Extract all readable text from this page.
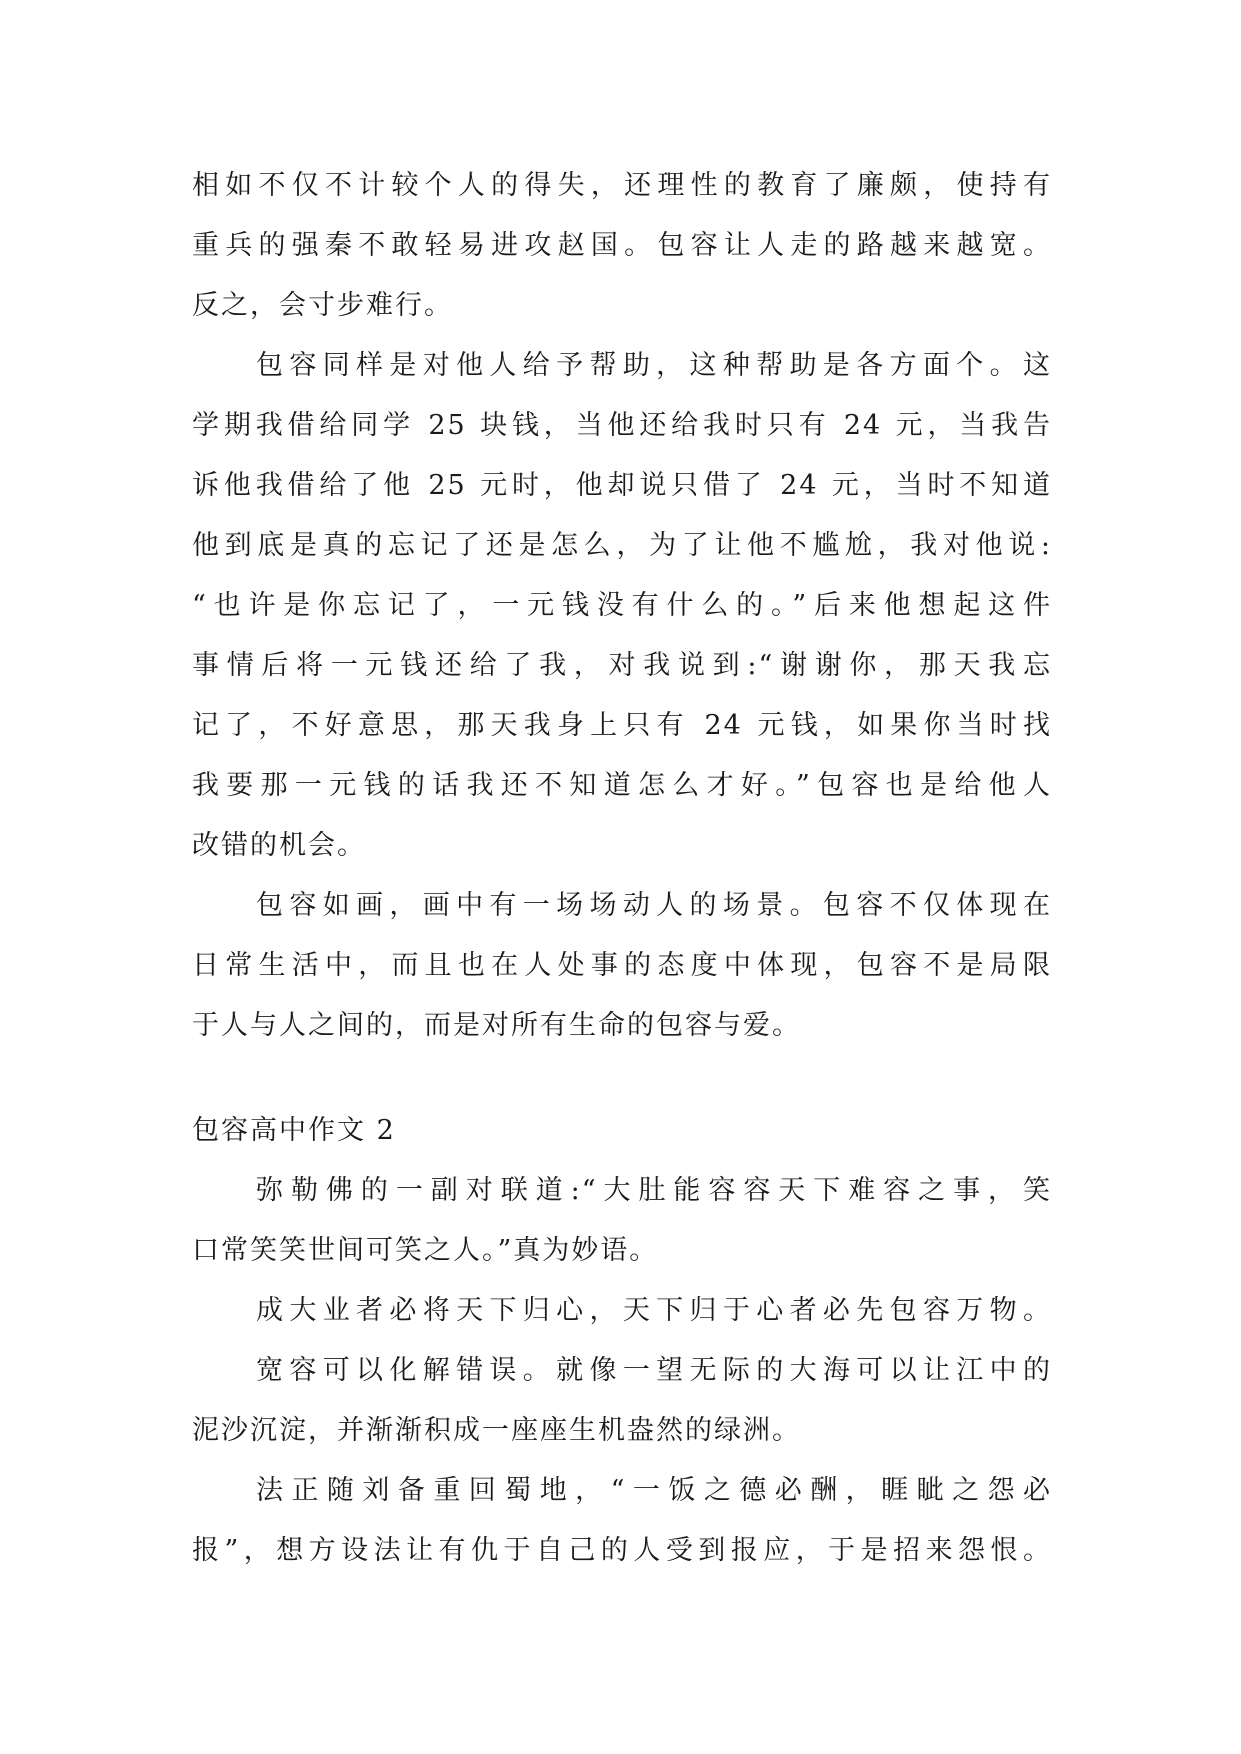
相如不仅不计较个人的得失，还理性的教育了廉颇，使持有
重兵的强秦不敢轻易进攻赵国。包容让人走的路越来越宽。
反之，会寸步难行。
包容同样是对他人给予帮助，这种帮助是各方面个。这
学期我借给同学 25 块钱，当他还给我时只有 24 元，当我告
诉他我借给了他 25 元时，他却说只借了 24 元，当时不知道
他到底是真的忘记了还是怎么，为了让他不尴尬，我对他说:
“也许是你忘记了，一元钱没有什么的。”后来他想起这件
事情后将一元钱还给了我，对我说到:“谢谢你，那天我忘
记了，不好意思，那天我身上只有 24 元钱，如果你当时找
我要那一元钱的话我还不知道怎么才好。”包容也是给他人
改错的机会。
包容如画，画中有一场场动人的场景。包容不仅体现在
日常生活中，而且也在人处事的态度中体现，包容不是局限
于人与人之间的，而是对所有生命的包容与爱。
包容高中作文 2
弥勒佛的一副对联道:“大肚能容容天下难容之事，笑
口常笑笑世间可笑之人。”真为妙语。
成大业者必将天下归心，天下归于心者必先包容万物。
宽容可以化解错误。就像一望无际的大海可以让江中的
泥沙沉淀，并渐渐积成一座座生机盎然的绿洲。
法正随刘备重回蜀地，“一饭之德必酬，睚眦之怨必
报”，想方设法让有仇于自己的人受到报应，于是招来怨恨。
